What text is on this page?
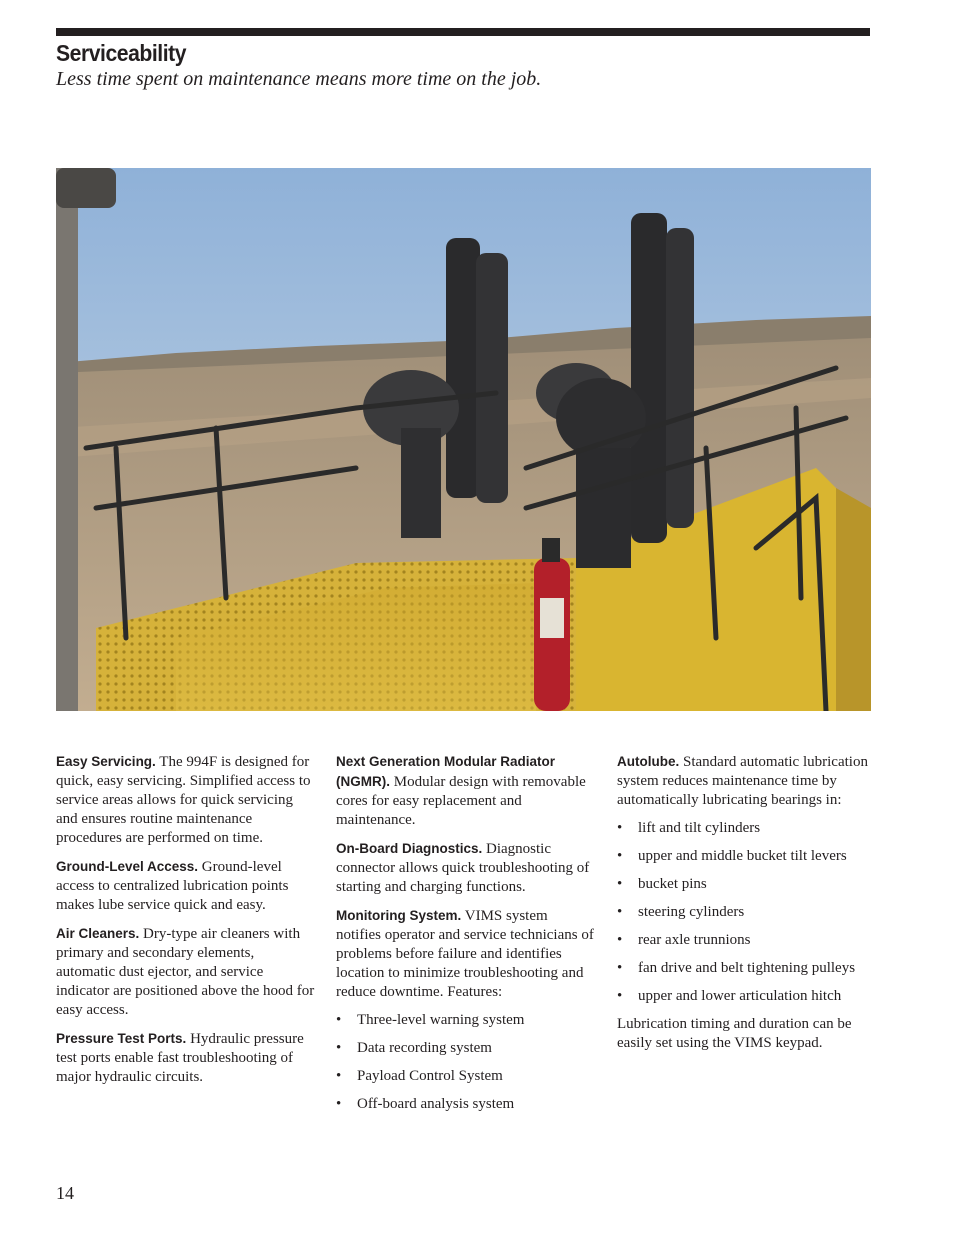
Serviceability

Less time spent on maintenance means more time on the job.

Easy Servicing. The 994F is designed for quick, easy servicing. Simplified access to service areas allows for quick servicing and ensures routine maintenance procedures are performed on time.

Ground-Level Access. Ground-level access to centralized lubrication points makes lube service quick and easy.

Air Cleaners. Dry-type air cleaners with primary and secondary elements, automatic dust ejector, and service indicator are positioned above the hood for easy access.

Pressure Test Ports. Hydraulic pressure test ports enable fast troubleshooting of major hydraulic circuits.

Next Generation Modular Radiator (NGMR). Modular design with removable cores for easy replacement and maintenance.

On-Board Diagnostics. Diagnostic connector allows quick troubleshooting of starting and charging functions.

Monitoring System. VIMS system notifies operator and service technicians of problems before failure and identifies location to minimize troubleshooting and reduce downtime. Features:

• Three-level warning system
• Data recording system
• Payload Control System
• Off-board analysis system

Autolube. Standard automatic lubrication system reduces maintenance time by automatically lubricating bearings in:

• lift and tilt cylinders
• upper and middle bucket tilt levers
• bucket pins
• steering cylinders
• rear axle trunnions
• fan drive and belt tightening pulleys
• upper and lower articulation hitch

Lubrication timing and duration can be easily set using the VIMS keypad.

14
